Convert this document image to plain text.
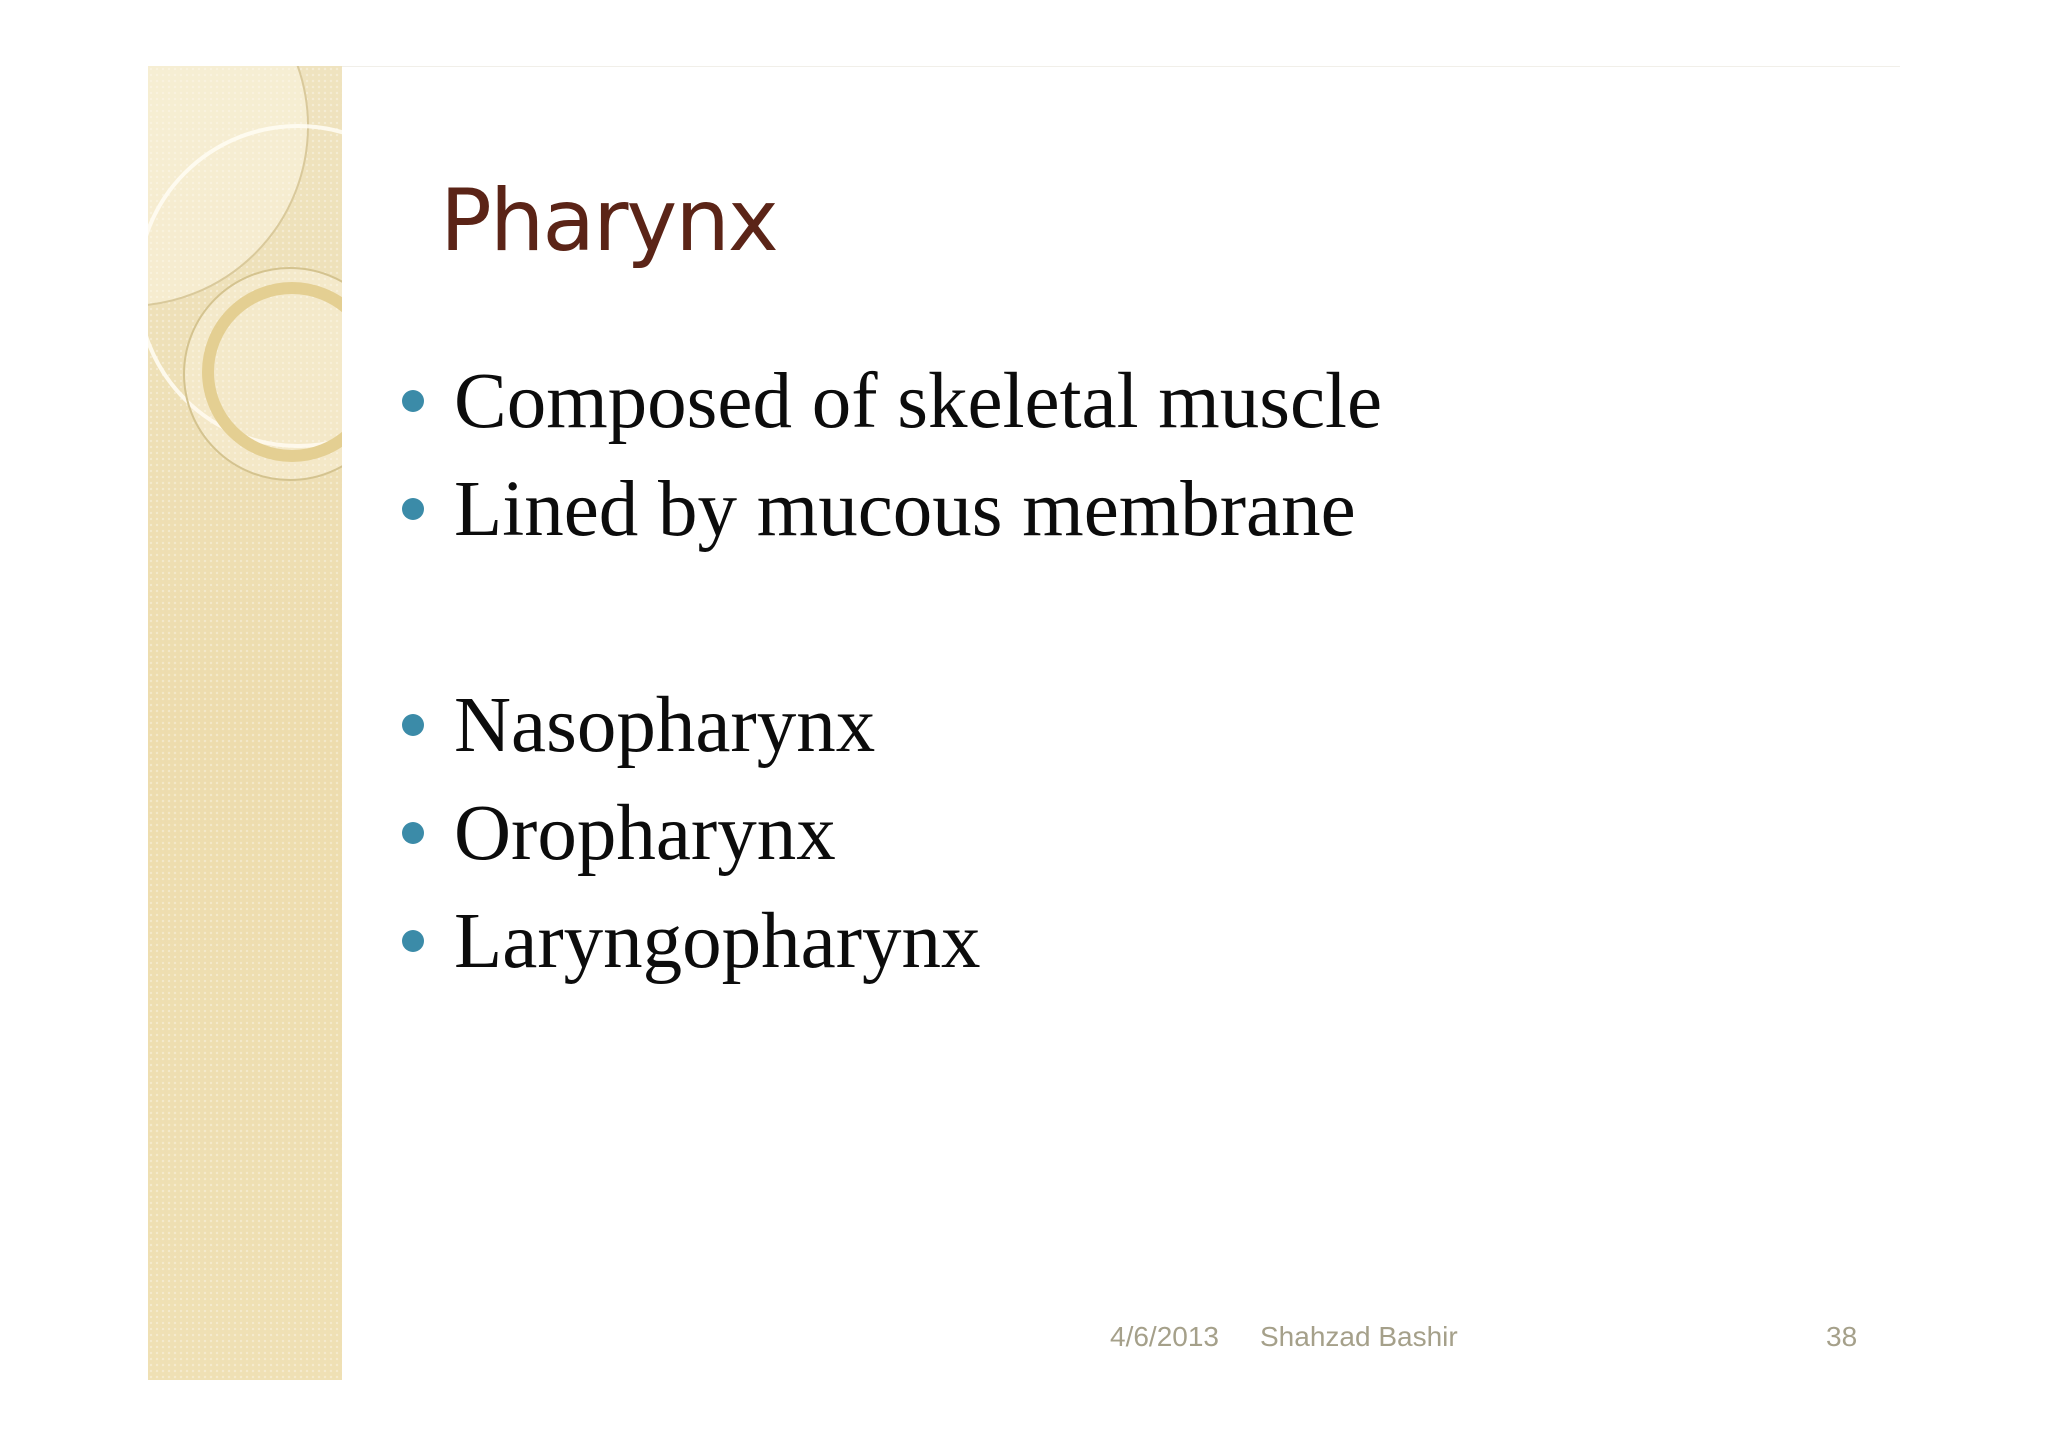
Pharynx
Composed of skeletal muscle
Lined by mucous membrane
Nasopharynx
Oropharynx
Laryngopharynx
4/6/2013 Shahzad Bashir	38
